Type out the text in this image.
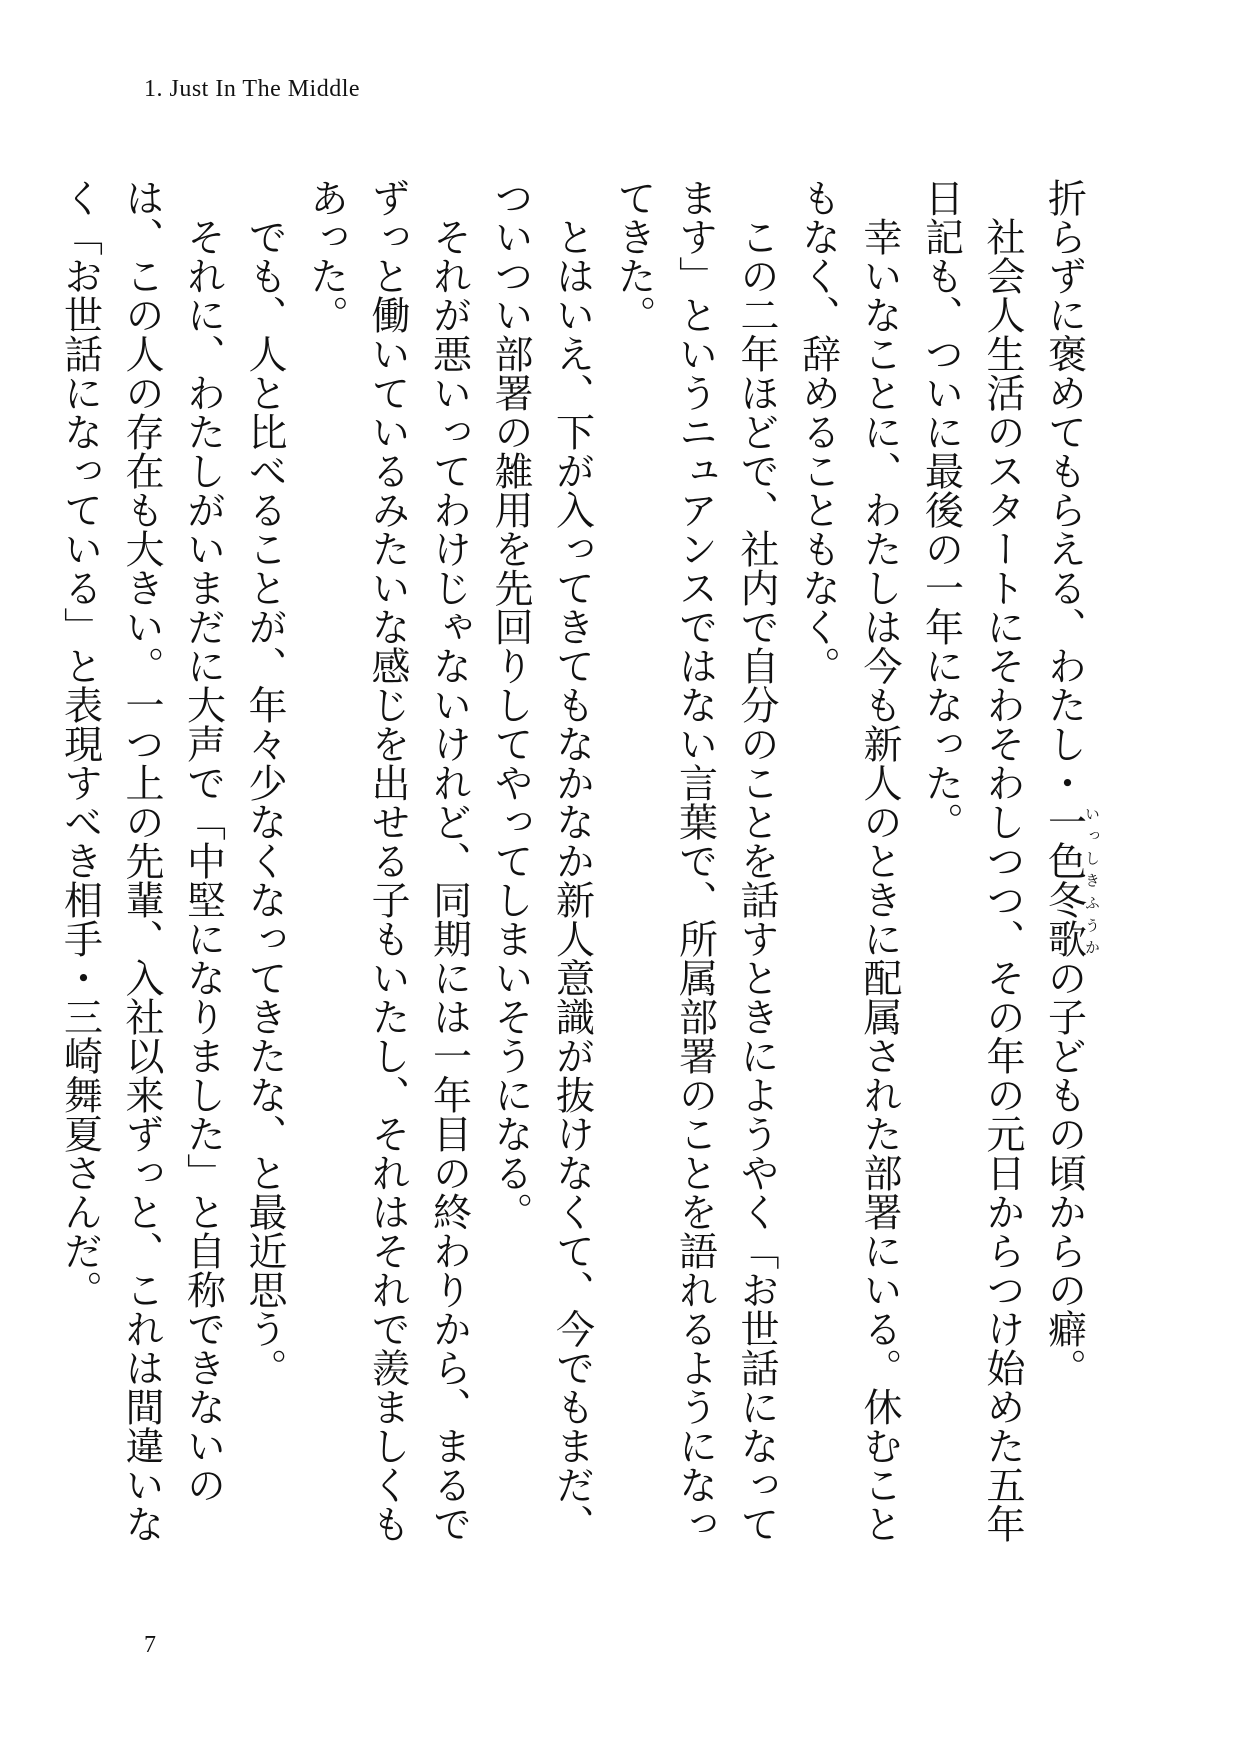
1. Just In The Middle

折らずに褒めてもらえる、わたし・一色冬歌いっしきふうかの子どもの頃からの癖。

社会人生活のスタートにそわそわしつつ、その年の元日からつけ始めた五年日記も、ついに最後の一年になった。

幸いなことに、わたしは今も新人のときに配属された部署にいる。休むこともなく、辞めることもなく。

この二年ほどで、社内で自分のことを話すときにようやく「お世話になってます」というニュアンスではない言葉で、所属部署のことを語れるようになってきた。

とはいえ、下が入ってきてもなかなか新人意識が抜けなくて、今でもまだ、ついつい部署の雑用を先回りしてやってしまいそうになる。

それが悪いってわけじゃないけれど、同期には一年目の終わりから、まるでずっと働いているみたいな感じを出せる子もいたし、それはそれで羨ましくもあった。

でも、人と比べることが、年々少なくなってきたな、と最近思う。

それに、わたしがいまだに大声で「中堅になりました」と自称できないのは、この人の存在も大きい。一つ上の先輩、入社以来ずっと、これは間違いなく「お世話になっている」と表現すべき相手・三崎舞夏さんだ。

7
